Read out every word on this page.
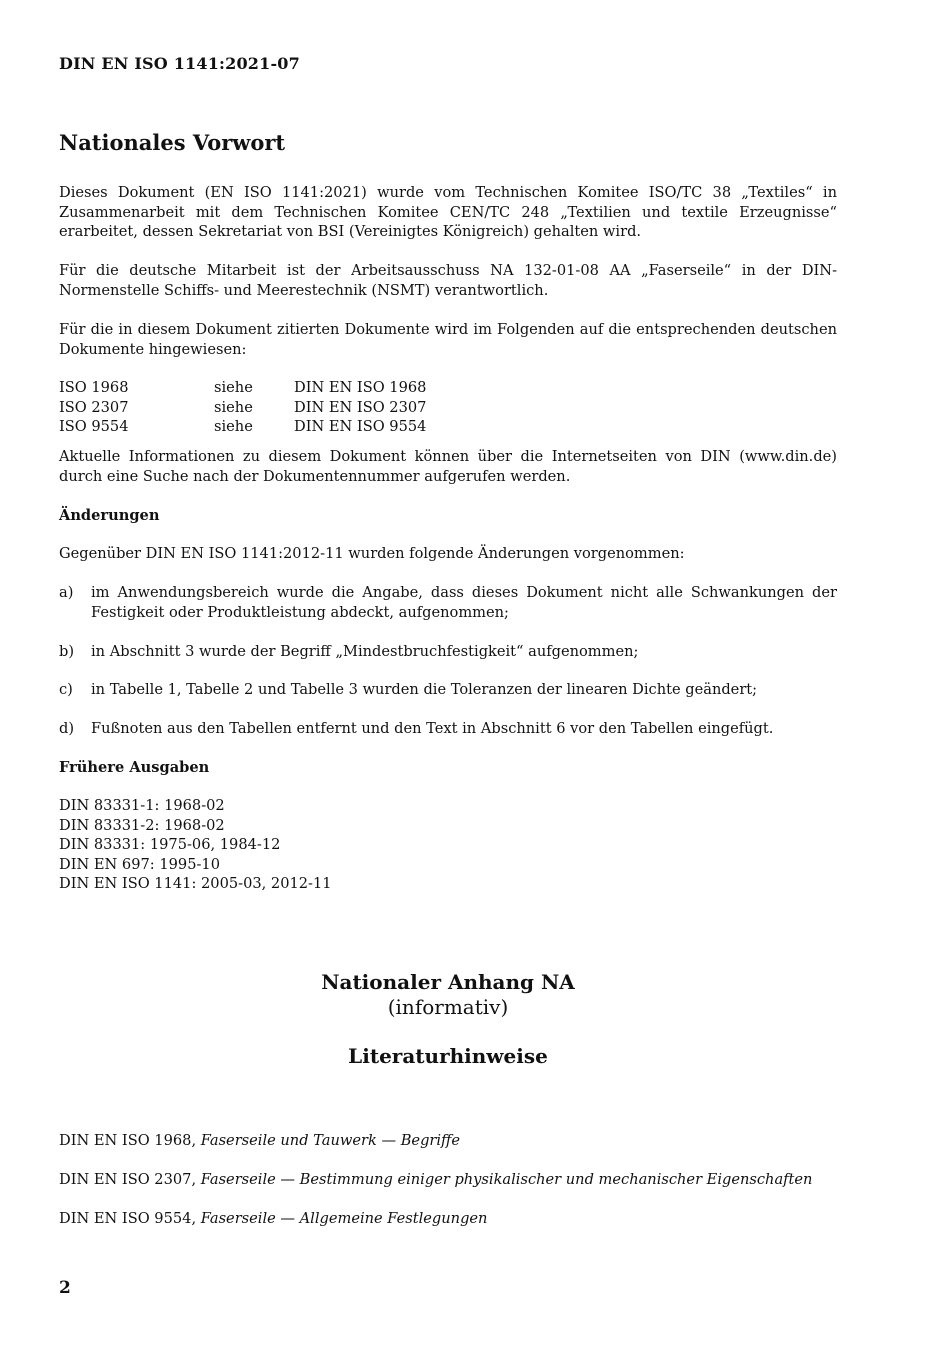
DIN EN ISO 1141:2021-07
Nationales Vorwort

Dieses Dokument (EN ISO 1141:2021) wurde vom Technischen Komitee ISO/TC 38 „Textiles“ in Zusammenarbeit mit dem Technischen Komitee CEN/TC 248 „Textilien und textile Erzeugnisse“ erarbeitet, dessen Sekretariat von BSI (Vereinigtes Königreich) gehalten wird.

Für die deutsche Mitarbeit ist der Arbeitsausschuss NA 132-01-08 AA „Faserseile“ in der DIN-Normenstelle Schiffs- und Meerestechnik (NSMT) verantwortlich.

Für die in diesem Dokument zitierten Dokumente wird im Folgenden auf die entsprechenden deutschen Dokumente hingewiesen:

ISO 1968	siehe	DIN EN ISO 1968
ISO 2307	siehe	DIN EN ISO 2307
ISO 9554	siehe	DIN EN ISO 9554

Aktuelle Informationen zu diesem Dokument können über die Internetseiten von DIN (www.din.de) durch eine Suche nach der Dokumentennummer aufgerufen werden.

Änderungen

Gegenüber DIN EN ISO 1141:2012-11 wurden folgende Änderungen vorgenommen:

a)	im Anwendungsbereich wurde die Angabe, dass dieses Dokument nicht alle Schwankungen der Festigkeit oder Produktleistung abdeckt, aufgenommen;
b)	in Abschnitt 3 wurde der Begriff „Mindestbruchfestigkeit“ aufgenommen;
c)	in Tabelle 1, Tabelle 2 und Tabelle 3 wurden die Toleranzen der linearen Dichte geändert;
d)	Fußnoten aus den Tabellen entfernt und den Text in Abschnitt 6 vor den Tabellen eingefügt.
Frühere Ausgaben
DIN 83331-1: 1968-02
DIN 83331-2: 1968-02
DIN 83331: 1975-06, 1984-12
DIN EN 697: 1995-10
DIN EN ISO 1141: 2005-03, 2012-11
Nationaler Anhang NA
(informativ)
Literaturhinweise
DIN EN ISO 1968, Faserseile und Tauwerk — Begriffe
DIN EN ISO 2307, Faserseile — Bestimmung einiger physikalischer und mechanischer Eigenschaften
DIN EN ISO 9554, Faserseile — Allgemeine Festlegungen
2
